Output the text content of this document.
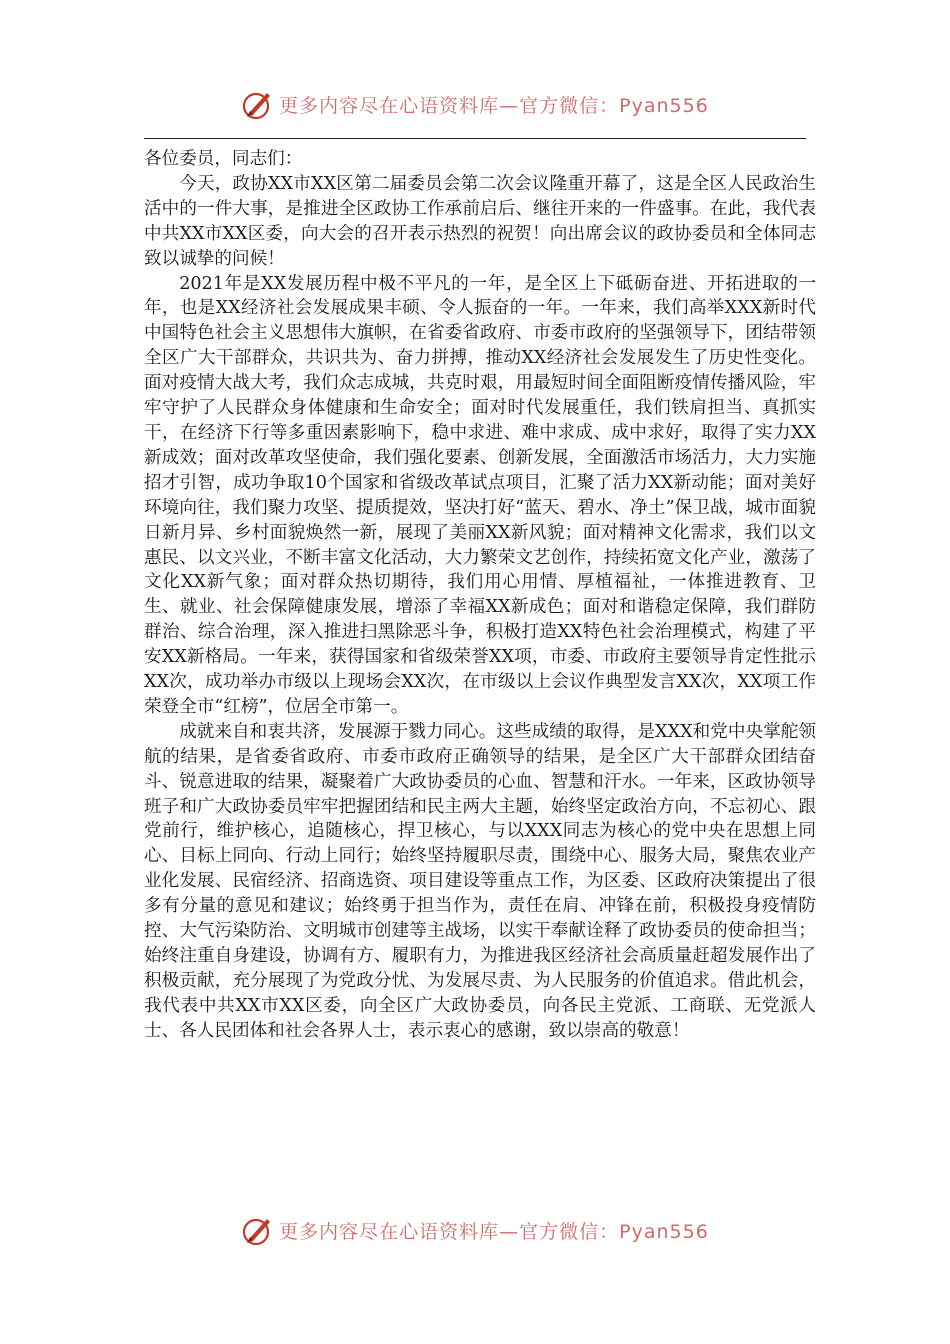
更多内容尽在心语资料库—官方微信：Pyan556

各位委员，同志们：

今天，政协XX市XX区第二届委员会第二次会议隆重开幕了，这是全区人民政治生活中的一件大事，是推进全区政协工作承前启后、继往开来的一件盛事。在此，我代表中共XX市XX区委，向大会的召开表示热烈的祝贺！向出席会议的政协委员和全体同志致以诚挚的问候！

2021年是XX发展历程中极不平凡的一年，是全区上下砥砺奋进、开拓进取的一年，也是XX经济社会发展成果丰硕、令人振奋的一年。一年来，我们高举XXX新时代中国特色社会主义思想伟大旗帜，在省委省政府、市委市政府的坚强领导下，团结带领全区广大干部群众，共识共为、奋力拼搏，推动XX经济社会发展发生了历史性变化。面对疫情大战大考，我们众志成城，共克时艰，用最短时间全面阻断疫情传播风险，牢牢守护了人民群众身体健康和生命安全；面对时代发展重任，我们铁肩担当、真抓实干，在经济下行等多重因素影响下，稳中求进、难中求成、成中求好，取得了实力XX新成效；面对改革攻坚使命，我们强化要素、创新发展，全面激活市场活力，大力实施招才引智，成功争取10个国家和省级改革试点项目，汇聚了活力XX新动能；面对美好环境向往，我们聚力攻坚、提质提效，坚决打好“蓝天、碧水、净土”保卫战，城市面貌日新月异、乡村面貌焕然一新，展现了美丽XX新风貌；面对精神文化需求，我们以文惠民、以文兴业，不断丰富文化活动，大力繁荣文艺创作，持续拓宽文化产业，激荡了文化XX新气象；面对群众热切期待，我们用心用情、厚植福祉，一体推进教育、卫生、就业、社会保障健康发展，增添了幸福XX新成色；面对和谐稳定保障，我们群防群治、综合治理，深入推进扫黑除恶斗争，积极打造XX特色社会治理模式，构建了平安XX新格局。一年来，获得国家和省级荣誉XX项，市委、市政府主要领导肯定性批示XX次，成功举办市级以上现场会XX次，在市级以上会议作典型发言XX次，XX项工作荣登全市“红榜”，位居全市第一。

成就来自和衷共济，发展源于戮力同心。这些成绩的取得，是XXX和党中央掌舵领航的结果，是省委省政府、市委市政府正确领导的结果，是全区广大干部群众团结奋斗、锐意进取的结果，凝聚着广大政协委员的心血、智慧和汗水。一年来，区政协领导班子和广大政协委员牢牢把握团结和民主两大主题，始终坚定政治方向，不忘初心、跟党前行，维护核心，追随核心，捍卫核心，与以XXX同志为核心的党中央在思想上同心、目标上同向、行动上同行；始终坚持履职尽责，围绕中心、服务大局，聚焦农业产业化发展、民宿经济、招商选资、项目建设等重点工作，为区委、区政府决策提出了很多有分量的意见和建议；始终勇于担当作为，责任在肩、冲锋在前，积极投身疫情防控、大气污染防治、文明城市创建等主战场，以实干奉献诠释了政协委员的使命担当；始终注重自身建设，协调有方、履职有力，为推进我区经济社会高质量赶超发展作出了积极贡献，充分展现了为党政分忧、为发展尽责、为人民服务的价值追求。借此机会，我代表中共XX市XX区委，向全区广大政协委员，向各民主党派、工商联、无党派人士、各人民团体和社会各界人士，表示衷心的感谢，致以崇高的敬意！

更多内容尽在心语资料库—官方微信：Pyan556
